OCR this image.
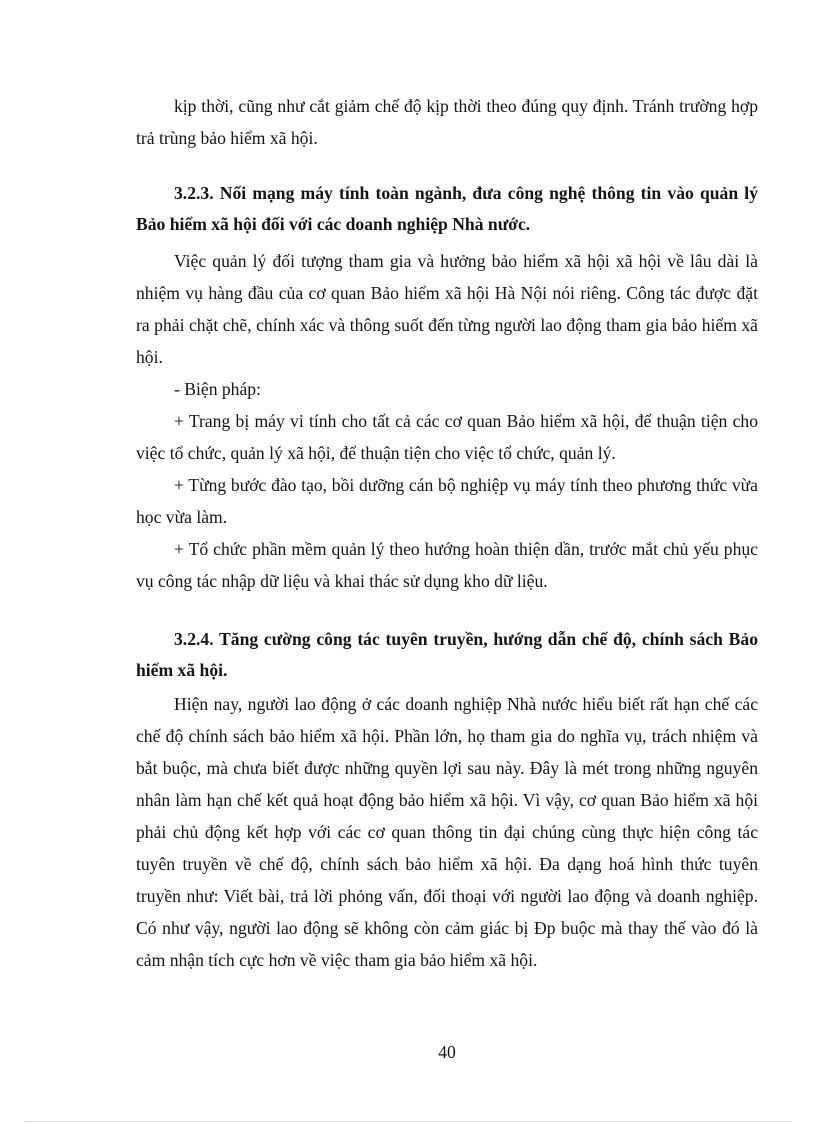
kịp thời, cũng như cắt giảm chế độ kịp thời theo đúng quy định. Tránh trường hợp trả trùng bảo hiểm xã hội.

3.2.3. Nối mạng máy tính toàn ngành, đưa công nghệ thông tin vào quản lý Bảo hiểm xã hội đối với các doanh nghiệp Nhà nước.

Việc quản lý đối tượng tham gia và hưởng bảo hiểm xã hội xã hội về lâu dài là nhiệm vụ hàng đầu của cơ quan Bảo hiểm xã hội Hà Nội nói riêng. Công tác được đặt ra phải chặt chẽ, chính xác và thông suốt đến từng người lao động tham gia bảo hiểm xã hội.

- Biện pháp:

+ Trang bị máy vi tính cho tất cả các cơ quan Bảo hiểm xã hội, để thuận tiện cho việc tổ chức, quản lý xã hội, để thuận tiện cho việc tổ chức, quản lý.

+ Từng bước đào tạo, bồi dưỡng cán bộ nghiệp vụ máy tính theo phương thức vừa học vừa làm.

+ Tổ chức phần mềm quản lý theo hướng hoàn thiện dần, trước mắt chủ yếu phục vụ công tác nhập dữ liệu và khai thác sử dụng kho dữ liệu.

3.2.4. Tăng cường công tác tuyên truyền, hướng dẫn chế độ, chính sách Bảo hiểm xã hội.

Hiện nay, người lao động ở các doanh nghiệp Nhà nước hiểu biết rất hạn chế các chế độ chính sách bảo hiểm xã hội. Phần lớn, họ tham gia do nghĩa vụ, trách nhiệm và bắt buộc, mà chưa biết được những quyền lợi sau này. Đây là mét trong những nguyên nhân làm hạn chế kết quả hoạt động bảo hiểm xã hội. Vì vậy, cơ quan Bảo hiểm xã hội phải chủ động kết hợp với các cơ quan thông tin đại chúng cùng thực hiện công tác tuyên truyền về chế độ, chính sách bảo hiểm xã hội. Đa dạng hoá hình thức tuyên truyền như: Viết bài, trả lời phỏng vấn, đối thoại với người lao động và doanh nghiệp. Có như vậy, người lao động sẽ không còn cảm giác bị Đp buộc mà thay thế vào đó là cảm nhận tích cực hơn về việc tham gia bảo hiểm xã hội.

40
